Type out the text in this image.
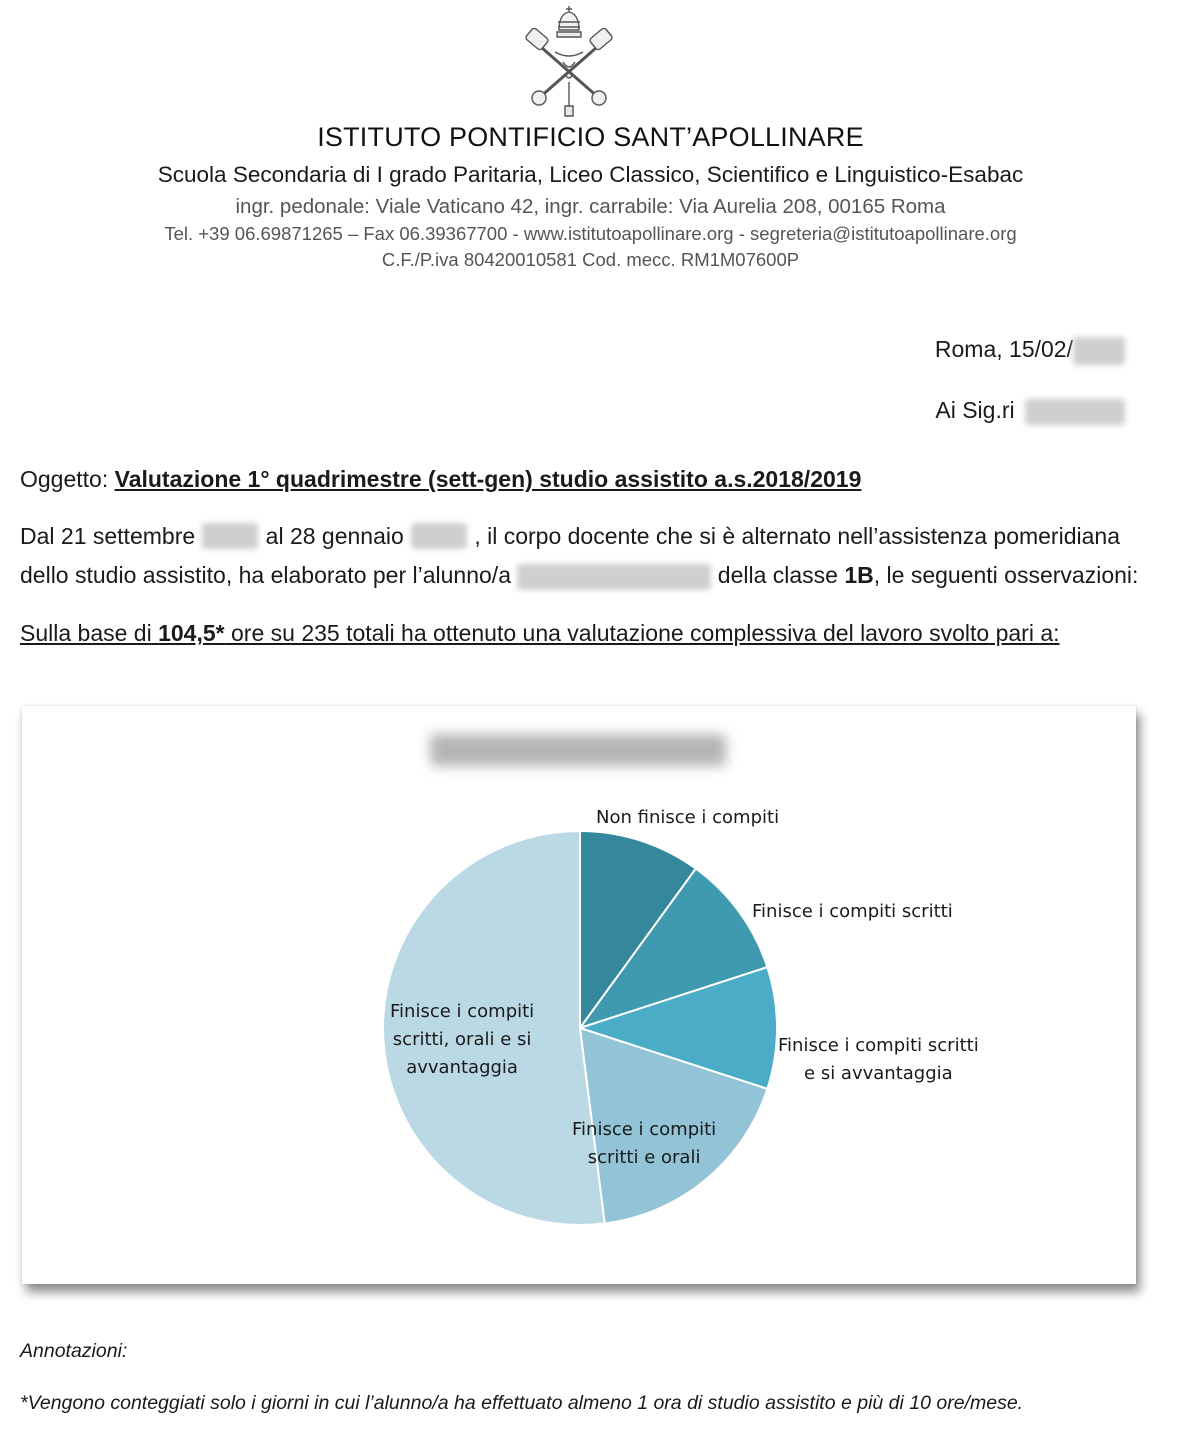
ISTITUTO PONTIFICIO SANT’APOLLINARE
Scuola Secondaria di I grado Paritaria, Liceo Classico, Scientifico e Linguistico-Esabac
ingr. pedonale: Viale Vaticano 42, ingr. carrabile: Via Aurelia 208, 00165 Roma
Tel. +39 06.69871265 – Fax 06.39367700 - www.istitutoapollinare.org - segreteria@istitutoapollinare.org
C.F./P.iva 80420010581 Cod. mecc. RM1M07600P
Roma, 15/02/
Ai Sig.ri
Oggetto: Valutazione 1° quadrimestre (sett-gen) studio assistito a.s.2018/2019
Dal 21 settembre	al 28 gennaio	, il corpo docente che si è alternato nell’assistenza pomeridiana
dello studio assistito, ha elaborato per l’alunno/a	della classe 1B, le seguenti osservazioni:
Sulla base di 104,5* ore su 235 totali ha ottenuto una valutazione complessiva del lavoro svolto pari a:
Non finisce i compiti
Finisce i compiti scritti
Finisce i compiti scritti
e si avvantaggia
Finisce i compiti
scritti e orali
Finisce i compiti
scritti, orali e si
avvantaggia
Annotazioni:
*Vengono conteggiati solo i giorni in cui l’alunno/a ha effettuato almeno 1 ora di studio assistito e più di 10 ore/mese.
